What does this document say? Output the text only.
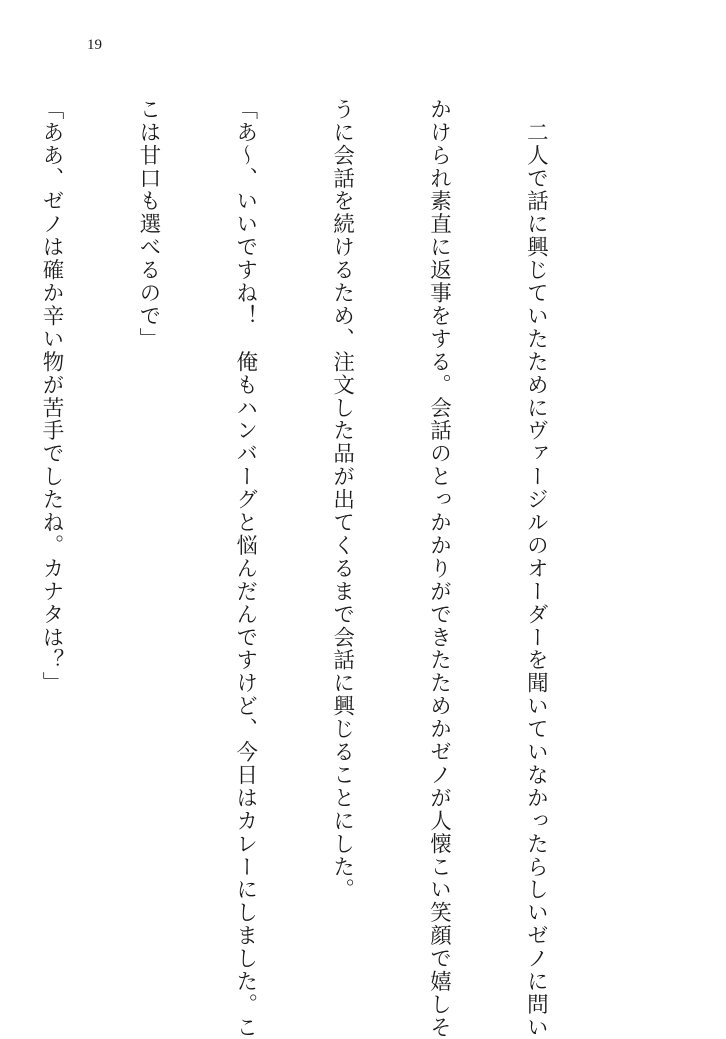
19

　二人で話に興じていたためにヴァージルのオーダーを聞いていなかったらしいゼノに問い

かけられ素直に返事をする。会話のとっかかりができたためかゼノが人懐こい笑顔で嬉しそ

うに会話を続けるため、注文した品が出てくるまで会話に興じることにした。

「あ〜、いいですね！　俺もハンバーグと悩んだんですけど、今日はカレーにしました。こ

こは甘口も選べるので」

「ああ、ゼノは確か辛い物が苦手でしたね。カナタは？」
